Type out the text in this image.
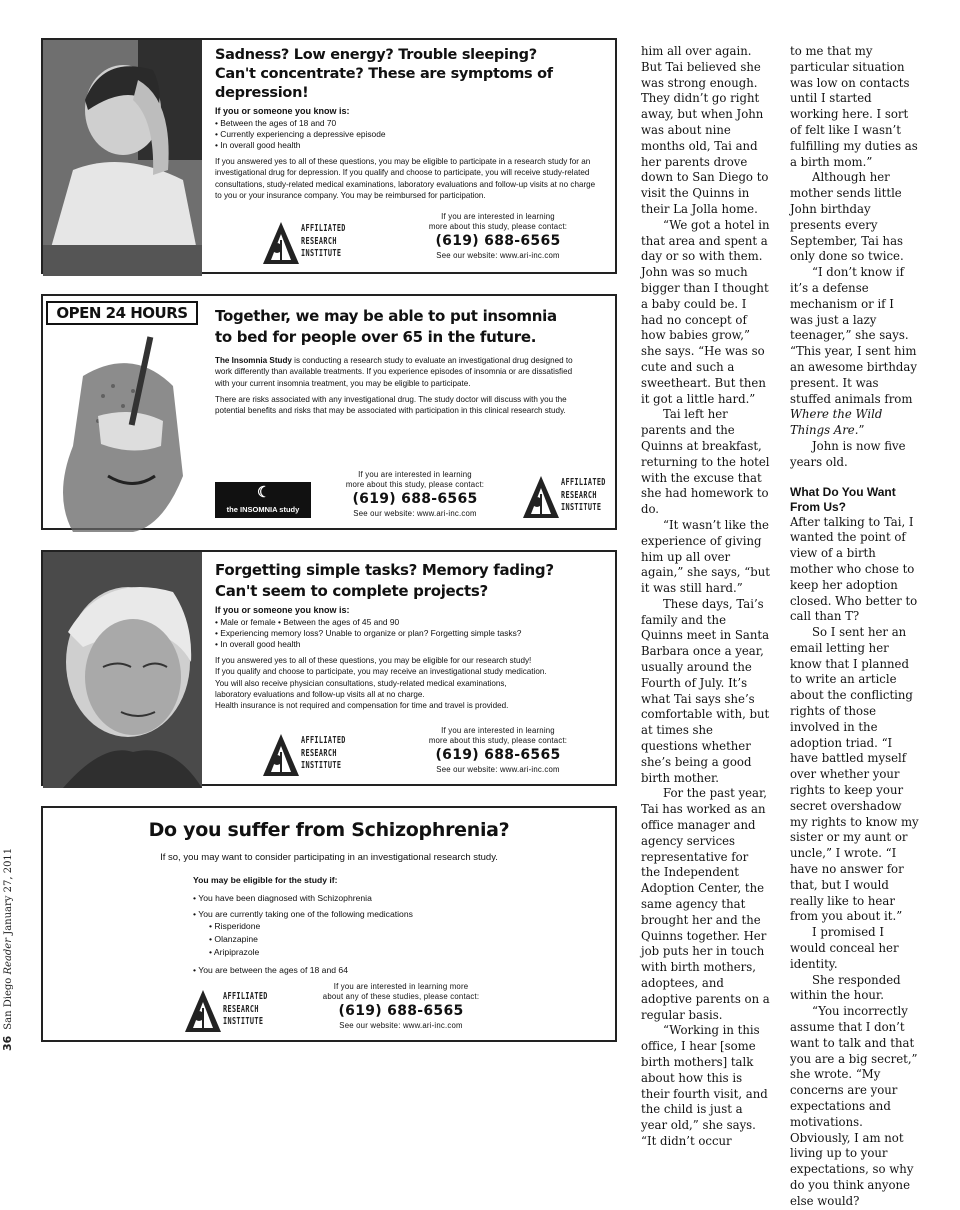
Sadness? Low energy? Trouble sleeping?
Can't concentrate? These are symptoms of depression!
If you or someone you know is:
• Between the ages of 18 and 70
• Currently experiencing a depressive episode
• In overall good health

If you answered yes to all of these questions, you may be eligible to participate in a research study for an investigational drug for depression. If you qualify and choose to participate, you will receive study-related consultations, study-related medical examinations, laboratory evaluations and follow-up visits at no charge to you or your insurance company. You may be reimbursed for participation.

AFFILIATED
RESEARCH
INSTITUTE
If you are interested in learning
more about this study, please contact:
(619) 688-6565
See our website: www.ari-inc.com
OPEN 24 HOURS	Together, we may be able to put insomnia
to bed for people over 65 in the future.

The Insomnia Study is conducting a research study to evaluate an investigational drug designed to work differently than available treatments. If you experience episodes of insomnia or are dissatisfied with your current insomnia treatment, you may be eligible to participate.

There are risks associated with any investigational drug. The study doctor will discuss with you the potential benefits and risks that may be associated with participation in this clinical research study.

☾
the INSOMNIA study
If you are interested in learning
more about this study, please contact:
(619) 688-6565
See our website: www.ari-inc.com
AFFILIATED
RESEARCH
INSTITUTE
Forgetting simple tasks? Memory fading?
Can't seem to complete projects?
If you or someone you know is:
• Male or female • Between the ages of 45 and 90
• Experiencing memory loss? Unable to organize or plan? Forgetting simple tasks?
• In overall good health

If you answered yes to all of these questions, you may be eligible for our research study!
If you qualify and choose to participate, you may receive an investigational study medication.
You will also receive physician consultations, study-related medical examinations,
laboratory evaluations and follow-up visits all at no charge.
Health insurance is not required and compensation for time and travel is provided.

AFFILIATED
RESEARCH
INSTITUTE
If you are interested in learning
more about this study, please contact:
(619) 688-6565
See our website: www.ari-inc.com
Do you suffer from Schizophrenia?
If so, you may want to consider participating in an investigational research study.
You may be eligible for the study if:
• You have been diagnosed with Schizophrenia
• You are currently taking one of the following medications
• Risperidone
• Olanzapine
• Aripiprazole
• You are between the ages of 18 and 64
AFFILIATED
RESEARCH
INSTITUTE
If you are interested in learning more
about any of these studies, please contact:
(619) 688-6565
See our website: www.ari-inc.com
36San Diego Reader January 27, 2011

him all over again. But Tai believed she was strong enough. They didn’t go right away, but when John was about nine months old, Tai and her parents drove down to San Diego to visit the Quinns in their La Jolla home.

“We got a hotel in that area and spent a day or so with them. John was so much bigger than I thought a baby could be. I had no concept of how babies grow,” she says. “He was so cute and such a sweetheart. But then it got a little hard.”

Tai left her parents and the Quinns at breakfast, returning to the hotel with the excuse that she had homework to do.

“It wasn’t like the experience of giving him up all over again,” she says, “but it was still hard.”

These days, Tai’s family and the Quinns meet in Santa Barbara once a year, usually around the Fourth of July. It’s what Tai says she’s comfortable with, but at times she questions whether she’s being a good birth mother.

For the past year, Tai has worked as an office manager and agency services representative for the Independent Adoption Center, the same agency that brought her and the Quinns together. Her job puts her in touch with birth mothers, adoptees, and adoptive parents on a regular basis.

“Working in this office, I hear [some birth mothers] talk about how this is their fourth visit, and the child is just a year old,” she says. “It didn’t occur

to me that my particular situation was low on contacts until I started working here. I sort of felt like I wasn’t fulfilling my duties as a birth mom.”

Although her mother sends little John birthday presents every September, Tai has only done so twice.

“I don’t know if it’s a defense mechanism or if I was just a lazy teenager,” she says. “This year, I sent him an awesome birthday present. It was stuffed animals from Where the Wild Things Are.”

John is now five years old.

What Do You Want From Us?

After talking to Tai, I wanted the point of view of a birth mother who chose to keep her adoption closed. Who better to call than T?

So I sent her an email letting her know that I planned to write an article about the conflicting rights of those involved in the adoption triad. “I have battled myself over whether your rights to keep your secret overshadow my rights to know my sister or my aunt or uncle,” I wrote. “I have no answer for that, but I would really like to hear from you about it.”

I promised I would conceal her identity.

She responded within the hour.

“You incorrectly assume that I don’t want to talk and that you are a big secret,” she wrote. “My concerns are your expectations and motivations. Obviously, I am not living up to your expectations, so why do you think anyone else would?
